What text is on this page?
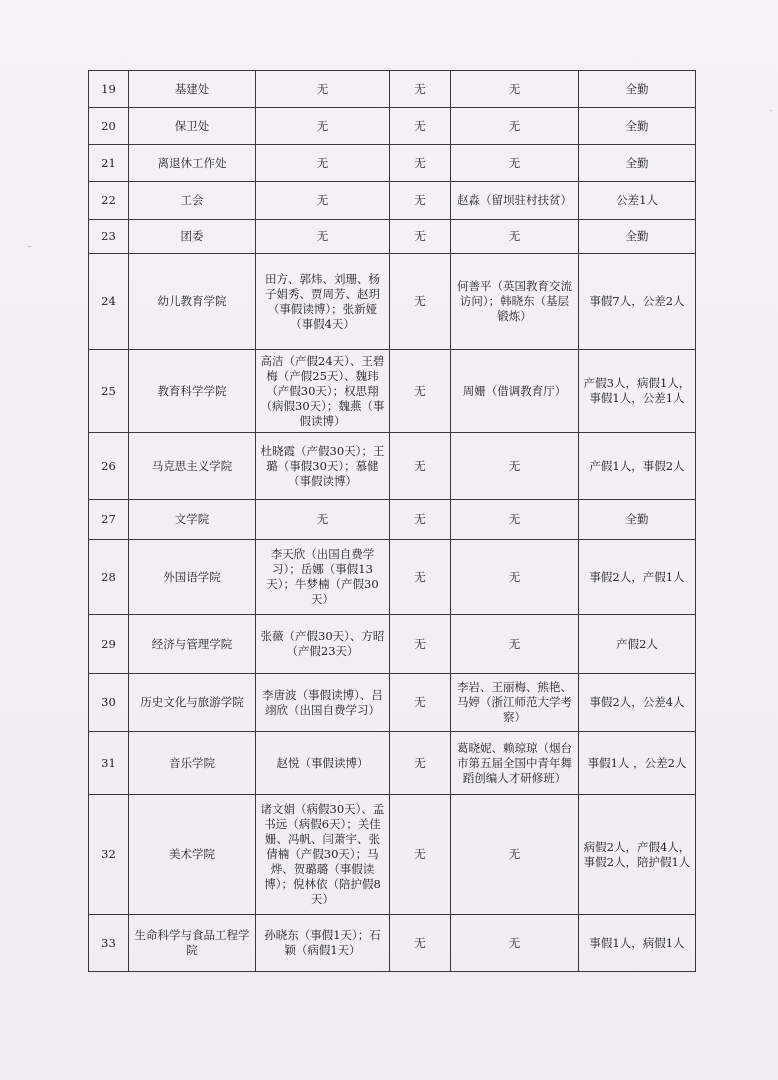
19	基建处	无	无	无	全勤
20	保卫处	无	无	无	全勤
21	离退休工作处	无	无	无	全勤
22	工会	无	无	赵淼（留坝驻村扶贫）	公差1人
23	团委	无	无	无	全勤
24	幼儿教育学院	田方、郭炜、刘珊、杨子娟秀、贾周芳、赵玥（事假读博）；张新娅（事假4天）	无	何善平（英国教育交流访问）；韩晓东（基层锻炼）	事假7人，公差2人
25	教育科学学院	高洁（产假24天）、王碧梅（产假25天）、魏玮（产假30天）；权思翔（病假30天）；魏燕（事假读博）	无	周姗（借调教育厅）	产假3人，病假1人，事假1人，公差1人
26	马克思主义学院	杜晓霞（产假30天）；王璐（事假30天）；慕健（事假读博）	无	无	产假1人，事假2人
27	文学院	无	无	无	全勤
28	外国语学院	李天欣（出国自费学习）；岳娜（事假13天）；牛梦楠（产假30天）	无	无	事假2人，产假1人
29	经济与管理学院	张薇（产假30天）、方昭（产假23天）	无	无	产假2人
30	历史文化与旅游学院	李唐波（事假读博）、吕翊欣（出国自费学习）	无	李岩、王丽梅、熊艳、马婷（浙江师范大学考察）	事假2人，公差4人
31	音乐学院	赵悦（事假读博）	无	葛晓妮、赖琼琼（烟台市第五届全国中青年舞蹈创编人才研修班）	事假1人 ，公差2人
32	美术学院	诸文娟（病假30天）、孟书远（病假6天）；关佳姗、冯帆、闫萧宇、张倩楠（产假30天）；马烨、贺璐璐（事假读博）；倪林依（陪护假8天）	无	无	病假2人，产假4人，事假2人，陪护假1人
33	生命科学与食品工程学院	孙晓东（事假1天）；石颖（病假1天）	无	无	事假1人，病假1人
